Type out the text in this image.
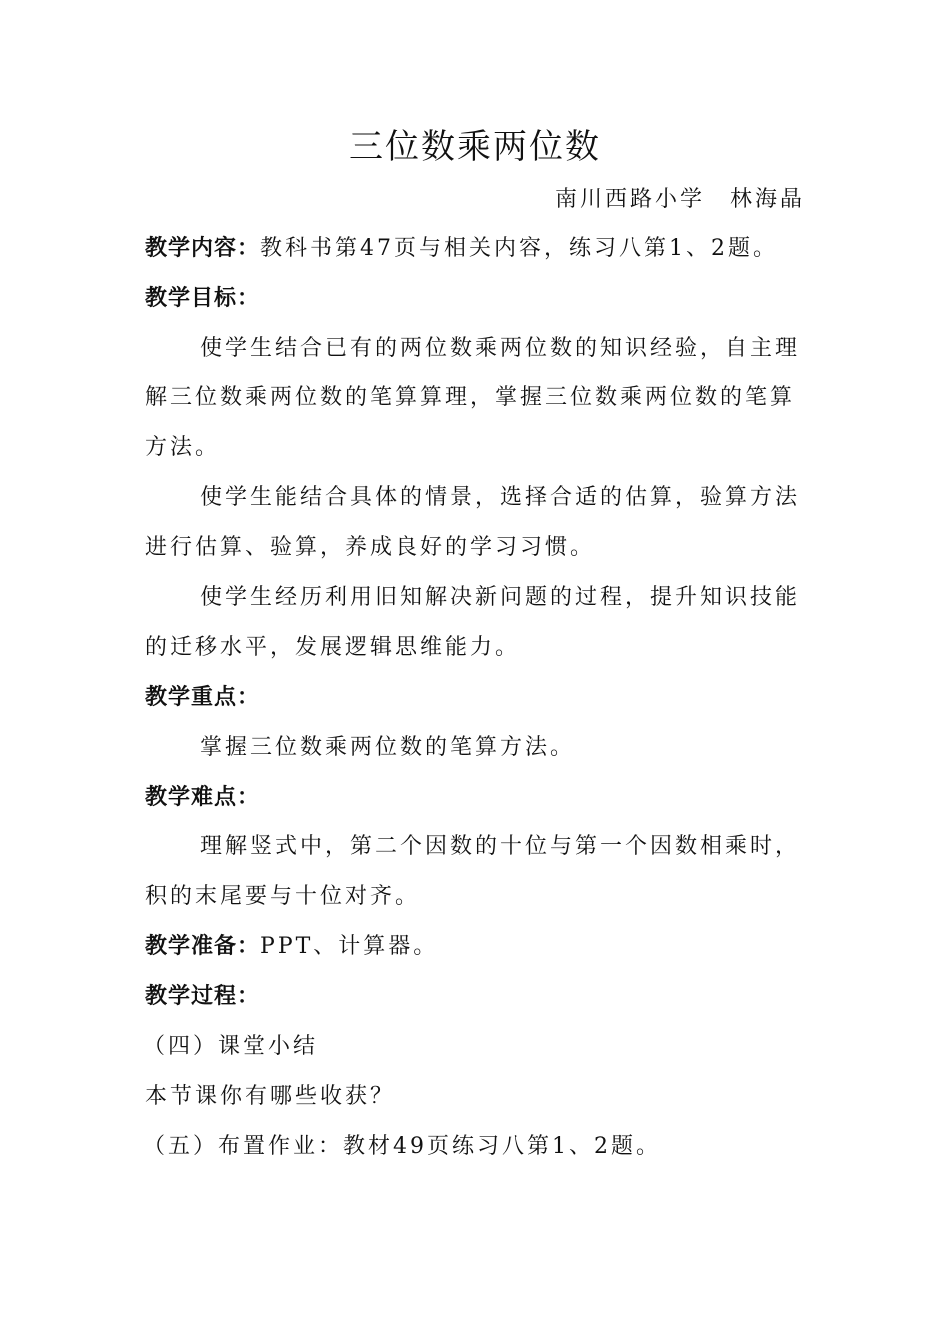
三位数乘两位数
南川西路小学　林海晶
教学内容：教科书第47页与相关内容，练习八第1、2题。
教学目标：
使学生结合已有的两位数乘两位数的知识经验，自主理
解三位数乘两位数的笔算算理，掌握三位数乘两位数的笔算
方法。
使学生能结合具体的情景，选择合适的估算，验算方法
进行估算、验算，养成良好的学习习惯。
使学生经历利用旧知解决新问题的过程，提升知识技能
的迁移水平，发展逻辑思维能力。
教学重点：
掌握三位数乘两位数的笔算方法。
教学难点：
理解竖式中，第二个因数的十位与第一个因数相乘时，
积的末尾要与十位对齐。
教学准备：PPT、计算器。
教学过程：
（四）课堂小结
本节课你有哪些收获？
（五）布置作业：教材49页练习八第1、2题。
